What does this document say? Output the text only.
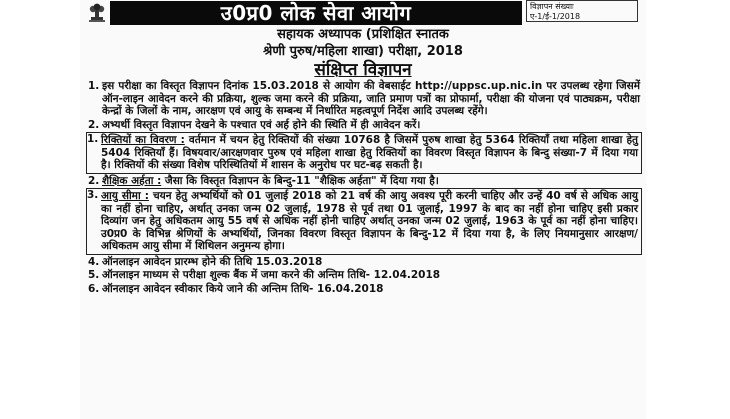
उ0प्र0 लोक सेवा आयोग	विज्ञापन संख्याः
ए-1/ई-1/2018
सहायक अध्यापक (प्रशिक्षित स्नातक
श्रेणी पुरुष/महिला शाखा) परीक्षा, 2018
संक्षिप्त विज्ञापन
1. इस परीक्षा का विस्तृत विज्ञापन दिनांक 15.03.2018 से आयोग की वेबसाईट http://uppsc.up.nic.in पर उपलब्ध रहेगा जिसमें ऑन-लाइन आवेदन करने की प्रक्रिया, शुल्क जमा करने की प्रक्रिया, जाति प्रमाण पत्रों का प्रोफार्मा, परीक्षा की योजना एवं पाठ्यक्रम, परीक्षा केन्द्रों के जिलों के नाम, आरक्षण एवं आयु के सम्बन्ध में निर्धारित महत्वपूर्ण निर्देश आदि उपलब्ध रहेंगे।
2. अभ्यर्थी विस्तृत विज्ञापन देखने के पश्चात एवं अर्ह होने की स्थिति में ही आवेदन करें।
1. रिक्तियों का विवरण : वर्तमान में चयन हेतु रिक्तियों की संख्या 10768 है जिसमें पुरुष शाखा हेतु 5364 रिक्तियाँ तथा महिला शाखा हेतु 5404 रिक्तियाँ हैं। विषयवार/आरक्षणवार पुरुष एवं महिला शाखा हेतु रिक्तियों का विवरण विस्तृत विज्ञापन के बिन्दु संख्या-7 में दिया गया है। रिक्तियों की संख्या विशेष परिस्थितियों में शासन के अनुरोध पर घट-बढ़ सकती है।
2. शैक्षिक अर्हता : जैसा कि विस्तृत विज्ञापन के बिन्दु-11 "शैक्षिक अर्हता" में दिया गया है।
3. आयु सीमा : चयन हेतु अभ्यर्थियों को 01 जुलाई 2018 को 21 वर्ष की आयु अवश्य पूरी करनी चाहिए और उन्हें 40 वर्ष से अधिक आयु का नहीं होना चाहिए, अर्थात् उनका जन्म 02 जुलाई, 1978 से पूर्व तथा 01 जुलाई, 1997 के बाद का नहीं होना चाहिए इसी प्रकार दिव्यांग जन हेतु अधिकतम आयु 55 वर्ष से अधिक नहीं होनी चाहिए अर्थात् उनका जन्म 02 जुलाई, 1963 के पूर्व का नहीं होना चाहिए। उ0प्र0 के विभिन्न श्रेणियों के अभ्यर्थियों, जिनका विवरण विस्तृत विज्ञापन के बिन्दु-12 में दिया गया है, के लिए नियमानुसार आरक्षण/ अधिकतम आयु सीमा में शिथिलन अनुमन्य होगा।
4. ऑनलाइन आवेदन प्रारम्भ होने की तिथि 15.03.2018
5. ऑनलाइन माध्यम से परीक्षा शुल्क बैंक में जमा करने की अन्तिम तिथि- 12.04.2018
6. ऑनलाइन आवेदन स्वीकार किये जाने की अन्तिम तिथि- 16.04.2018
